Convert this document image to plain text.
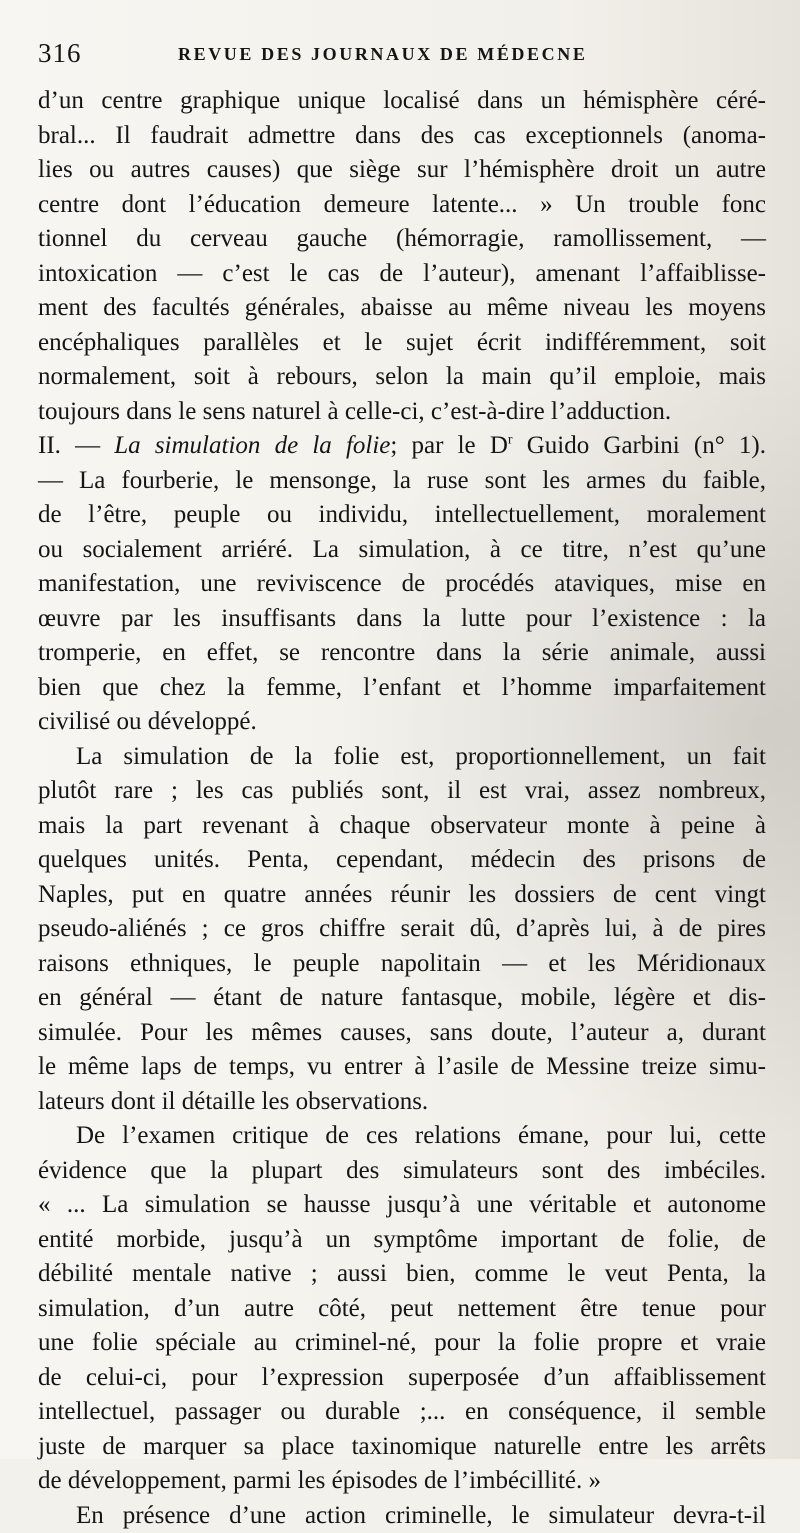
316	REVUE DES JOURNAUX DE MÉDECNE
d’un centre graphique unique localisé dans un hémisphère céré-
bral... Il faudrait admettre dans des cas exceptionnels (anoma-
lies ou autres causes) que siège sur l’hémisphère droit un autre
centre dont l’éducation demeure latente... » Un trouble fonc
tionnel du cerveau gauche (hémorragie, ramollissement, —
intoxication — c’est le cas de l’auteur), amenant l’affaiblisse-
ment des facultés générales, abaisse au même niveau les moyens
encéphaliques parallèles et le sujet écrit indifféremment, soit
normalement, soit à rebours, selon la main qu’il emploie, mais
toujours dans le sens naturel à celle-ci, c’est-à-dire l’adduction.
II. — La simulation de la folie; par le $D^r$ Guido Garbini (n° 1).
— La fourberie, le mensonge, la ruse sont les armes du faible,
de l’être, peuple ou individu, intellectuellement, moralement
ou socialement arriéré. La simulation, à ce titre, n’est qu’une
manifestation, une reviviscence de procédés ataviques, mise en
œuvre par les insuffisants dans la lutte pour l’existence : la
tromperie, en effet, se rencontre dans la série animale, aussi
bien que chez la femme, l’enfant et l’homme imparfaitement
civilisé ou développé.
La simulation de la folie est, proportionnellement, un fait
plutôt rare ; les cas publiés sont, il est vrai, assez nombreux,
mais la part revenant à chaque observateur monte à peine à
quelques unités. Penta, cependant, médecin des prisons de
Naples, put en quatre années réunir les dossiers de cent vingt
pseudo-aliénés ; ce gros chiffre serait dû, d’après lui, à de pires
raisons ethniques, le peuple napolitain — et les Méridionaux
en général — étant de nature fantasque, mobile, légère et dis-
simulée. Pour les mêmes causes, sans doute, l’auteur a, durant
le même laps de temps, vu entrer à l’asile de Messine treize simu-
lateurs dont il détaille les observations.
De l’examen critique de ces relations émane, pour lui, cette
évidence que la plupart des simulateurs sont des imbéciles.
« ... La simulation se hausse jusqu’à une véritable et autonome
entité morbide, jusqu’à un symptôme important de folie, de
débilité mentale native ; aussi bien, comme le veut Penta, la
simulation, d’un autre côté, peut nettement être tenue pour
une folie spéciale au criminel-né, pour la folie propre et vraie
de celui-ci, pour l’expression superposée d’un affaiblissement
intellectuel, passager ou durable ;... en conséquence, il semble
juste de marquer sa place taxinomique naturelle entre les arrêts
de développement, parmi les épisodes de l’imbécillité. »
En présence d’une action criminelle, le simulateur devra-t-il
